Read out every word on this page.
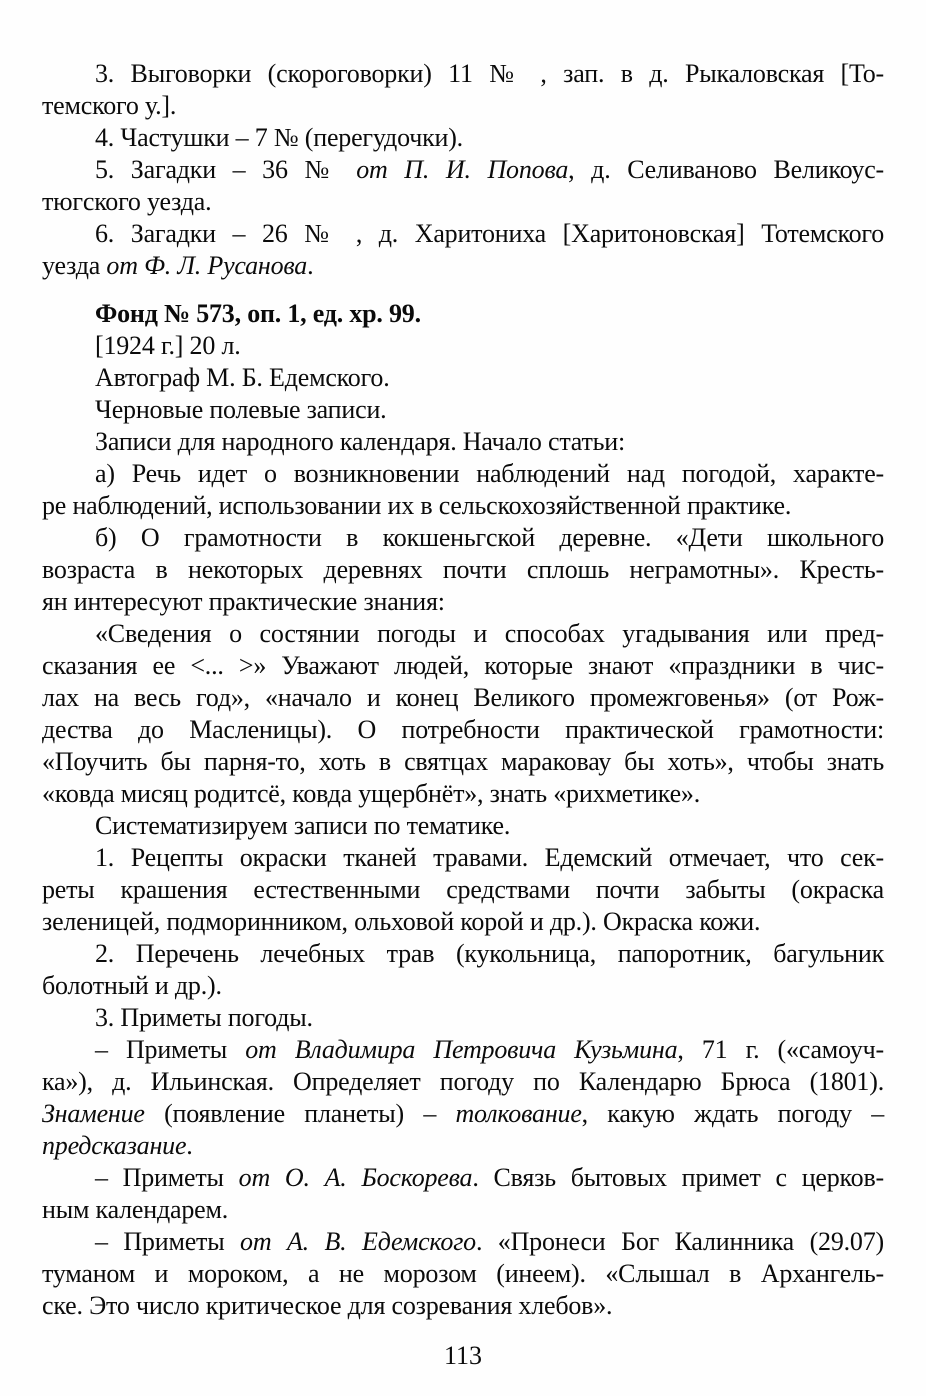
3. Выговорки (скороговорки) 11 № , зап. в д. Рыкаловская [То-
темского у.].
4. Частушки – 7 № (перегудочки).
5. Загадки – 36 № от П. И. Попова, д. Селиваново Великоус-
тюгского уезда.
6. Загадки – 26 № , д. Харитониха [Харитоновская] Тотемского
уезда от Ф. Л. Русанова.
Фонд № 573, оп. 1, ед. хр. 99.
[1924 г.] 20 л.
Автограф М. Б. Едемского.
Черновые полевые записи.
Записи для народного календаря. Начало статьи:
а) Речь идет о возникновении наблюдений над погодой, характе-
ре наблюдений, использовании их в сельскохозяйственной практике.
б) О грамотности в кокшеньгской деревне. «Дети школьного
возраста в некоторых деревнях почти сплошь неграмотны». Кресть-
ян интересуют практические знания:
«Сведения о состянии погоды и способах угадывания или пред-
сказания ее <... >» Уважают людей, которые знают «праздники в чис-
лах на весь год», «начало и конец Великого промежговенья» (от Рож-
дества до Масленицы). О потребности практической грамотности:
«Поучить бы парня-то, хоть в святцах мараковау бы хоть», чтобы знать
«ковда мисяц родитсё, ковда ущербнёт», знать «рихметике».
Систематизируем записи по тематике.
1. Рецепты окраски тканей травами. Едемский отмечает, что сек-
реты крашения естественными средствами почти забыты (окраска
зеленицей, подморинником, ольховой корой и др.). Окраска кожи.
2. Перечень лечебных трав (кукольница, папоротник, багульник
болотный и др.).
3. Приметы погоды.
– Приметы от Владимира Петровича Кузьмина, 71 г. («самоуч-
ка»), д. Ильинская. Определяет погоду по Календарю Брюса (1801).
Знамение (появление планеты) – толкование, какую ждать погоду –
предсказание.
– Приметы от О. А. Боскорева. Связь бытовых примет с церков-
ным календарем.
– Приметы от А. В. Едемского. «Пронеси Бог Калинника (29.07)
туманом и мороком, а не морозом (инеем). «Слышал в Архангель-
ске. Это число критическое для созревания хлебов».
113
